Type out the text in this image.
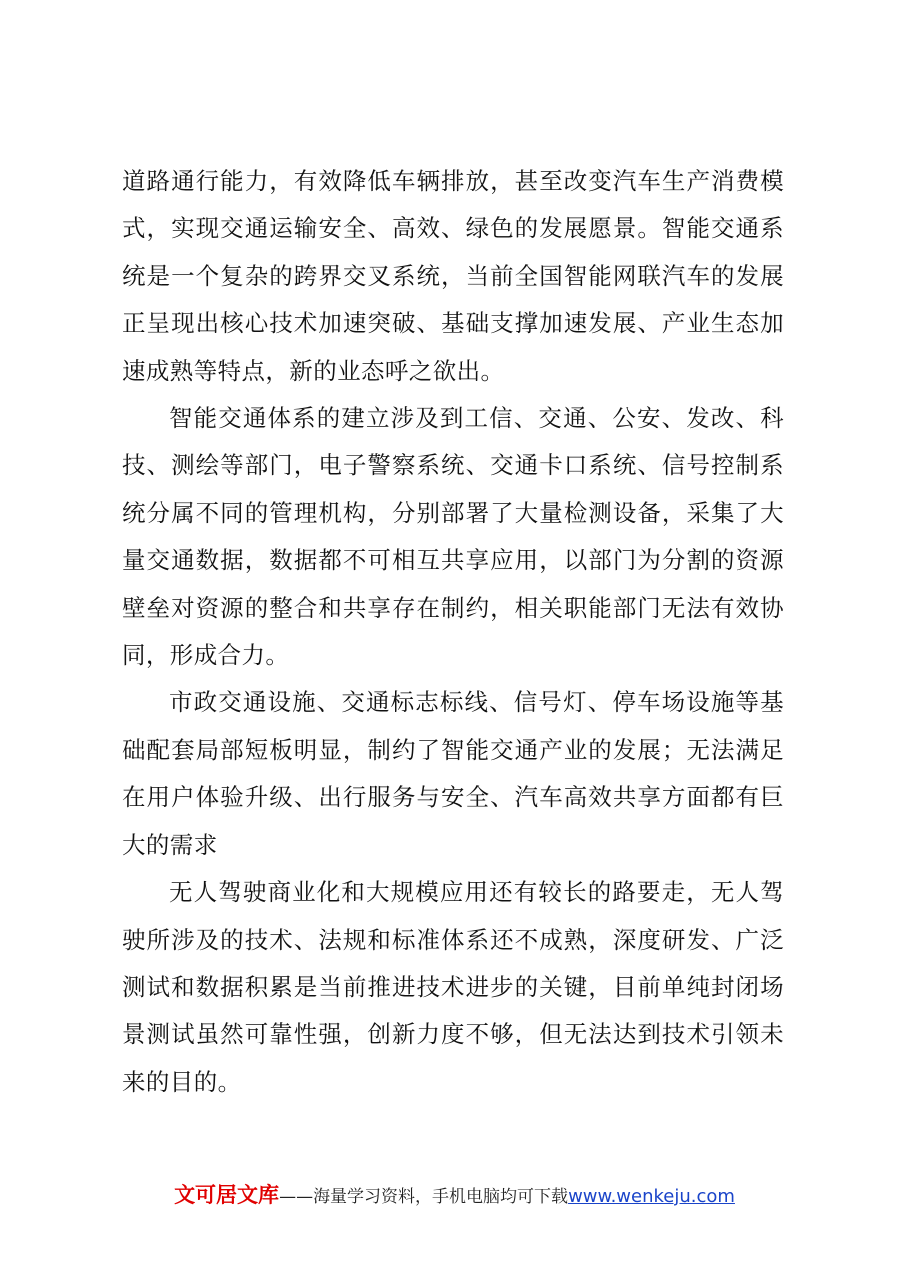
道路通行能力，有效降低车辆排放，甚至改变汽车生产消费模式，实现交通运输安全、高效、绿色的发展愿景。智能交通系统是一个复杂的跨界交叉系统，当前全国智能网联汽车的发展正呈现出核心技术加速突破、基础支撑加速发展、产业生态加速成熟等特点，新的业态呼之欲出。

智能交通体系的建立涉及到工信、交通、公安、发改、科技、测绘等部门，电子警察系统、交通卡口系统、信号控制系统分属不同的管理机构，分别部署了大量检测设备，采集了大量交通数据，数据都不可相互共享应用，以部门为分割的资源壁垒对资源的整合和共享存在制约，相关职能部门无法有效协同，形成合力。

市政交通设施、交通标志标线、信号灯、停车场设施等基础配套局部短板明显，制约了智能交通产业的发展；无法满足在用户体验升级、出行服务与安全、汽车高效共享方面都有巨大的需求

无人驾驶商业化和大规模应用还有较长的路要走，无人驾驶所涉及的技术、法规和标准体系还不成熟，深度研发、广泛测试和数据积累是当前推进技术进步的关键，目前单纯封闭场景测试虽然可靠性强，创新力度不够，但无法达到技术引领未来的目的。

文可居文库——海量学习资料，手机电脑均可下载www.wenkeju.com
